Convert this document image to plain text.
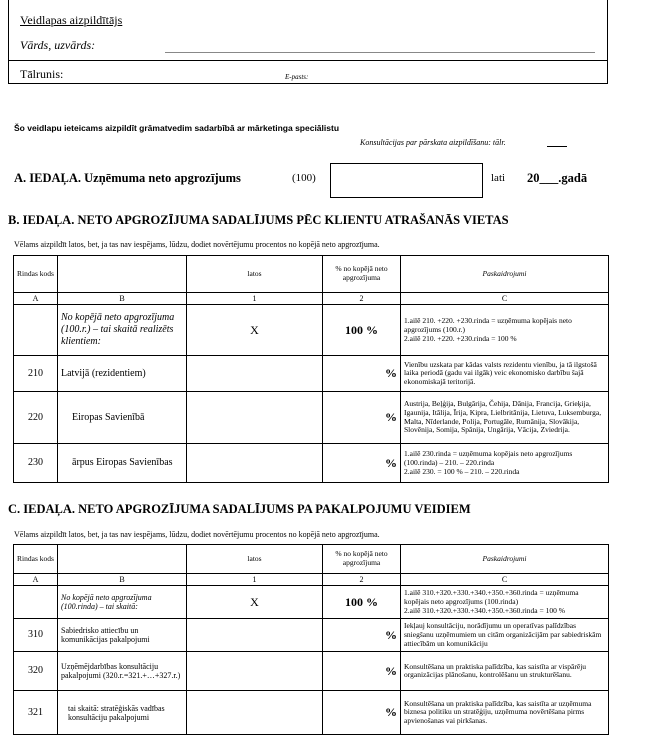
Veidlapas aizpildītājs
Vārds, uzvārds:
Tālrunis:	E-pasts:
Šo veidlapu ieteicams aizpildīt grāmatvedim sadarbībā ar mārketinga speciālistu
Konsultācijas par pārskata aizpildīšanu: tālr.
A. IEDAĻA. Uzņēmuma neto apgrozījums	(100)	lati 20___.gadā
B. IEDAĻA. NETO APGROZĪJUMA SADALĪJUMS PĒC KLIENTU ATRAŠANĀS VIETAS
Vēlams aizpildīt latos, bet, ja tas nav iespējams, lūdzu, dodiet novērtējumu procentos no kopējā neto apgrozījuma.
Rindas kods		latos	% no kopējā neto apgrozījuma	Paskaidrojumi
A	B	1	2	C
	No kopējā neto apgrozījuma (100.r.) – tai skaitā realizēts klientiem:	X	100 %	1.ailē 210. +220. +230.rinda = uzņēmuma kopējais neto apgrozījums (100.r.)
2.ailē 210. +220. +230.rinda = 100 %
210	Latvijā (rezidentiem)		%	Vienību uzskata par kādas valsts rezidentu vienību, ja tā ilgstošā laika periodā (gadu vai ilgāk) veic ekonomisko darbību šajā ekonomiskajā teritorijā.
220	Eiropas Savienībā		%	Austrija, Beļģija, Bulgārija, Čehija, Dānija, Francija, Grieķija, Igaunija, Itālija, Īrija, Kipra, Lielbritānija, Lietuva, Luksemburga, Malta, Nīderlande, Polija, Portugāle, Rumānija, Slovākija, Slovēnija, Somija, Spānija, Ungārija, Vācija, Zviedrija.
230	ārpus Eiropas Savienības		%	1.ailē 230.rinda = uzņēmuma kopējais neto apgrozījums (100.rinda) – 210. – 220.rinda
2.ailē 230. = 100 % – 210. – 220.rinda
C. IEDAĻA. NETO APGROZĪJUMA SADALĪJUMS PA PAKALPOJUMU VEIDIEM
Vēlams aizpildīt latos, bet, ja tas nav iespējams, lūdzu, dodiet novērtējumu procentos no kopējā neto apgrozījuma.
Rindas kods		latos	% no kopējā neto apgrozījuma	Paskaidrojumi
A	B	1	2	C
	No kopējā neto apgrozījuma (100.rinda) – tai skaitā:	X	100 %	1.ailē 310.+320.+330.+340.+350.+360.rinda = uzņēmuma kopējais neto apgrozījums (100.rinda)
2.ailē 310.+320.+330.+340.+350.+360.rinda = 100 %
310	Sabiedrisko attiecību un komunikācijas pakalpojumi		%	Iekļauj konsultāciju, norādījumu un operatīvas palīdzības sniegšanu uzņēmumiem un citām organizācijām par sabiedriskām attiecībām un komunikāciju
320	Uzņēmējdarbības konsultāciju pakalpojumi (320.r.=321.+…+327.r.)		%	Konsultēšana un praktiska palīdzība, kas saistīta ar vispārēju organizācijas plānošanu, kontrolēšanu un strukturēšanu.
321	tai skaitā: stratēģiskās vadības konsultāciju pakalpojumi		%	Konsultēšana un praktiska palīdzība, kas saistīta ar uzņēmuma biznesa politiku un stratēģiju, uzņēmuma novērtēšana pirms apvienošanas vai pirkšanas.
